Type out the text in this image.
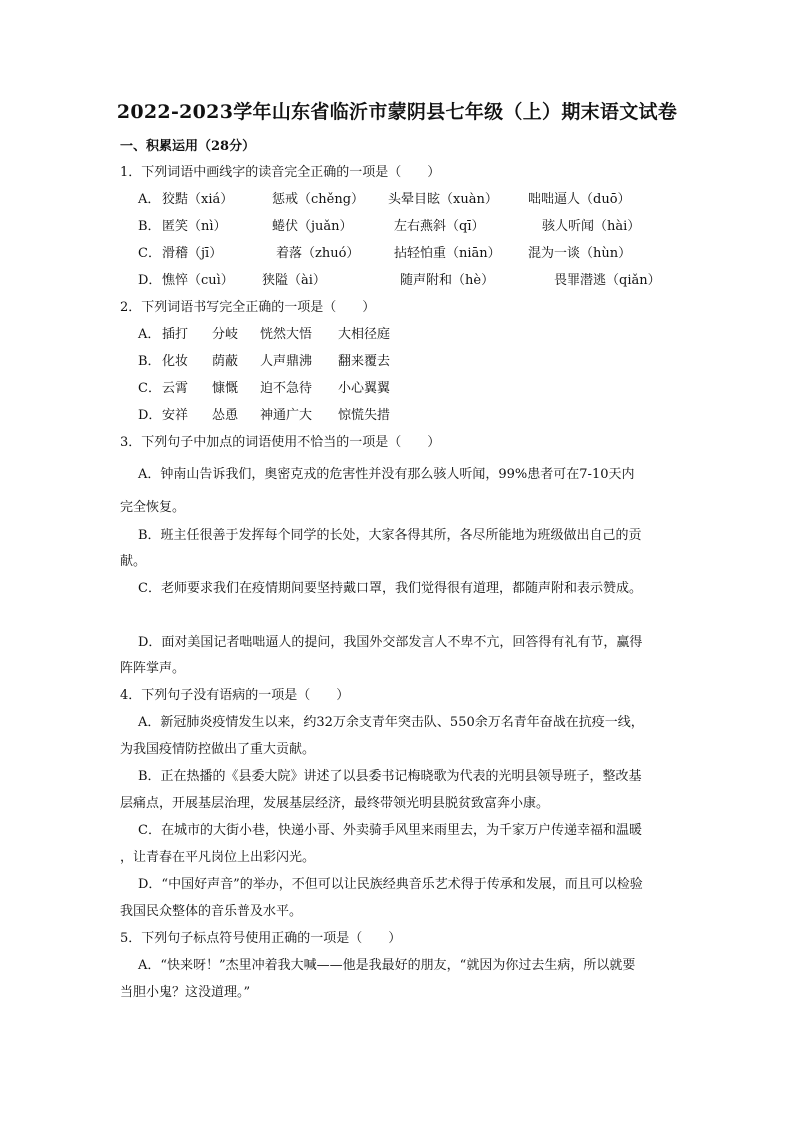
2022-2023学年山东省临沂市蒙阴县七年级（上）期末语文试卷
一、积累运用（28分）
1．下列词语中画线字的读音完全正确的一项是（　　）
A． 狡黠（xiá）	惩戒（chěng） 头晕目眩（xuàn） 咄咄逼人（duō）
B． 匿笑（nì）	蜷伏（juǎn）	左右燕斜（qī）	骇人听闻（hài）
C． 滑稽（jī）	着落（zhuó）	拈轻怕重（niān） 混为一谈（hùn）
D． 憔悴（cuì） 狭隘（ài）	随声附和（hè）	畏罪潜逃（qiǎn）
2．下列词语书写完全正确的一项是（　　）
A． 插打 分岐 恍然大悟 大相径庭
B． 化妆 荫蔽 人声鼎沸 翻来覆去
C． 云霄 慷慨 迫不急待 小心翼翼
D． 安祥 怂恿 神通广大 惊慌失措
3．下列句子中加点的词语使用不恰当的一项是（　　）
A．钟南山告诉我们，奥密克戎的危害性并没有那么骇人听闻，99%患者可在7-10天内
完全恢复。
B．班主任很善于发挥每个同学的长处，大家各得其所，各尽所能地为班级做出自己的贡
献。
C．老师要求我们在疫情期间要坚持戴口罩，我们觉得很有道理，都随声附和表示赞成。
D．面对美国记者咄咄逼人的提问，我国外交部发言人不卑不亢，回答得有礼有节，赢得
阵阵掌声。
4．下列句子没有语病的一项是（　　）
A．新冠肺炎疫情发生以来，约32万余支青年突击队、550余万名青年奋战在抗疫一线，
为我国疫情防控做出了重大贡献。
B．正在热播的《县委大院》讲述了以县委书记梅晓歌为代表的光明县领导班子，整改基
层痛点，开展基层治理，发展基层经济，最终带领光明县脱贫致富奔小康。
C．在城市的大街小巷，快递小哥、外卖骑手风里来雨里去，为千家万户传递幸福和温暖
，让青春在平凡岗位上出彩闪光。
D．“中国好声音”的举办，不但可以让民族经典音乐艺术得于传承和发展，而且可以检验
我国民众整体的音乐普及水平。
5．下列句子标点符号使用正确的一项是（　　）
A．“快来呀！”杰里冲着我大喊——他是我最好的朋友，“就因为你过去生病，所以就要
当胆小鬼？这没道理。”
